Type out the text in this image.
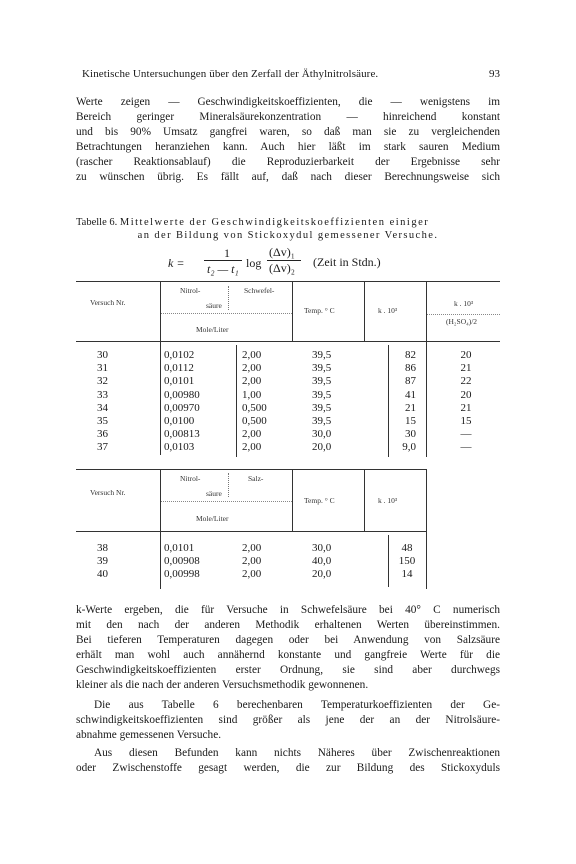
Kinetische Untersuchungen über den Zerfall der Äthylnitrolsäure.	93
Werte zeigen — Geschwindigkeitskoeffizienten, die — wenigstens im
Bereich geringer Mineralsäurekonzentration — hinreichend konstant
und bis 90% Umsatz gangfrei waren, so daß man sie zu vergleichenden
Betrachtungen heranziehen kann. Auch hier läßt im stark sauren Medium
(rascher Reaktionsablauf) die Reproduzierbarkeit der Ergebnisse sehr
zu wünschen übrig. Es fällt auf, daß nach dieser Berechnungsweise sich
Tabelle 6. Mittelwerte der Geschwindigkeitskoeffizienten einiger
an der Bildung von Stickoxydul gemessener Versuche.
k =
1
t₂ — t₁ log
(Δv)₁
(Δv)₂ (Zeit in Stdn.)
Versuch Nr.
Nitrol-	Schwefel-
säure
Mole/Liter
Temp. ° C	k . 10³
k . 10³
(H₂SO₄)/2
30	0,0102	2,00	39,5	82	20
31	0,0112	2,00	39,5	86	21
32	0,0101	2,00	39,5	87	22
33	0,00980	1,00	39,5	41	20
34	0,00970	0,500	39,5	21	21
35	0,0100	0,500	39,5	15	15
36	0,00813	2,00	30,0	30	—
37	0,0103	2,00	20,0	9,0	—
Versuch Nr.
Nitrol-	Salz-
säure
Mole/Liter
Temp. ° C	k . 10³
38	0,0101	2,00	30,0	48
39	0,00908	2,00	40,0	150
40	0,00998	2,00	20,0	14
k-Werte ergeben, die für Versuche in Schwefelsäure bei 40° C numerisch
mit den nach der anderen Methodik erhaltenen Werten übereinstimmen.
Bei tieferen Temperaturen dagegen oder bei Anwendung von Salzsäure
erhält man wohl auch annähernd konstante und gangfreie Werte für die
Geschwindigkeitskoeffizienten erster Ordnung, sie sind aber durchwegs
kleiner als die nach der anderen Versuchsmethodik gewonnenen.
Die aus Tabelle 6 berechenbaren Temperaturkoeffizienten der Ge-
schwindigkeitskoeffizienten sind größer als jene der an der Nitrolsäure-
abnahme gemessenen Versuche.
Aus diesen Befunden kann nichts Näheres über Zwischenreaktionen
oder Zwischenstoffe gesagt werden, die zur Bildung des Stickoxyduls
